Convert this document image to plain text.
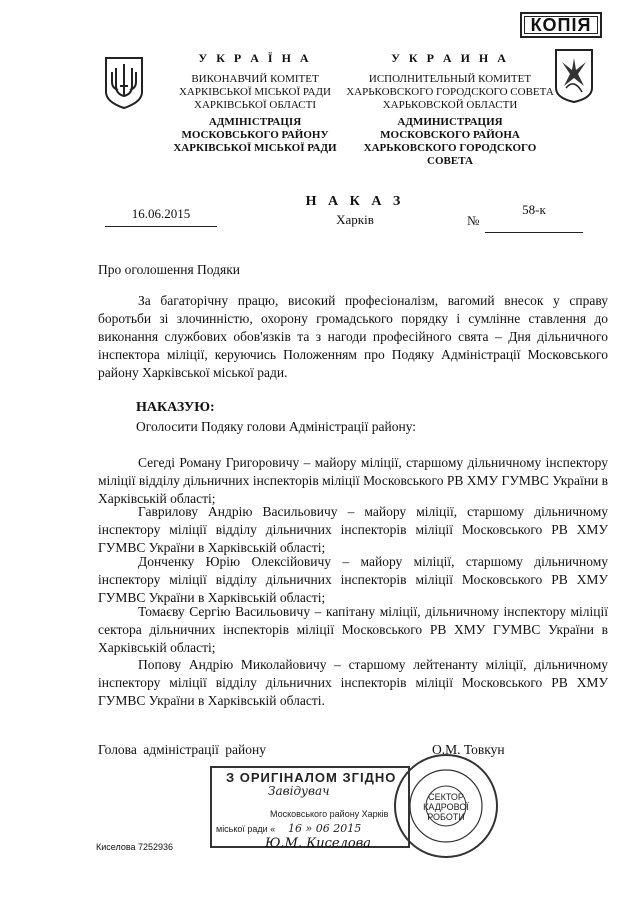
КОПІЯ
У К Р А Ї Н А
ВИКОНАВЧИЙ КОМІТЕТ
ХАРКІВСЬКОЇ МІСЬКОЇ РАДИ
ХАРКІВСЬКОЇ ОБЛАСТІ
АДМІНІСТРАЦІЯ
МОСКОВСЬКОГО РАЙОНУ
ХАРКІВСЬКОЇ МІСЬКОЇ РАДИ
У К Р А И Н А
ИСПОЛНИТЕЛЬНЫЙ КОМИТЕТ
ХАРЬКОВСКОГО ГОРОДСКОГО СОВЕТА
ХАРЬКОВСКОЙ ОБЛАСТИ
АДМИНИСТРАЦИЯ
МОСКОВСКОГО РАЙОНА
ХАРЬКОВСКОГО ГОРОДСКОГО СОВЕТА
16.06.2015
Н А К А З
Харків	№
58-к
Про оголошення Подяки
За багаторічну працю, високий професіоналізм, вагомий внесок у справу боротьби зі злочинністю, охорону громадського порядку і сумлінне ставлення до виконання службових обов'язків та з нагоди професійного свята – Дня дільничного інспектора міліції, керуючись Положенням про Подяку Адміністрації Московського району Харківської міської ради.
НАКАЗУЮ:
Оголосити Подяку голови Адміністрації району:
Сегеді Роману Григоровичу – майору міліції, старшому дільничному інспектору міліції відділу дільничних інспекторів міліції Московського РВ ХМУ ГУМВС України в Харківській області;
Гаврилову Андрію Васильовичу – майору міліції, старшому дільничному інспектору міліції відділу дільничних інспекторів міліції Московського РВ ХМУ ГУМВС України в Харківській області;
Донченку Юрію Олексійовичу – майору міліції, старшому дільничному інспектору міліції відділу дільничних інспекторів міліції Московського РВ ХМУ ГУМВС України в Харківській області;
Томаєву Сергію Васильовичу – капітану міліції, дільничному інспектору міліції сектора дільничних інспекторів міліції Московського РВ ХМУ ГУМВС України в Харківській області;
Попову Андрію Миколайовичу – старшому лейтенанту міліції, дільничному інспектору міліції відділу дільничних інспекторів міліції Московського РВ ХМУ ГУМВС України в Харківській області.
Голова адміністрації району	О.М. Товкун
З ОРИГІНАЛОМ ЗГІДНО
Завідувач
Московського району Харків
міської ради « 16 » 06 2015
Ю.М. Киселова
СЕКТОР
КАДРОВОЇ
РОБОТИ
Киселова 7252936
